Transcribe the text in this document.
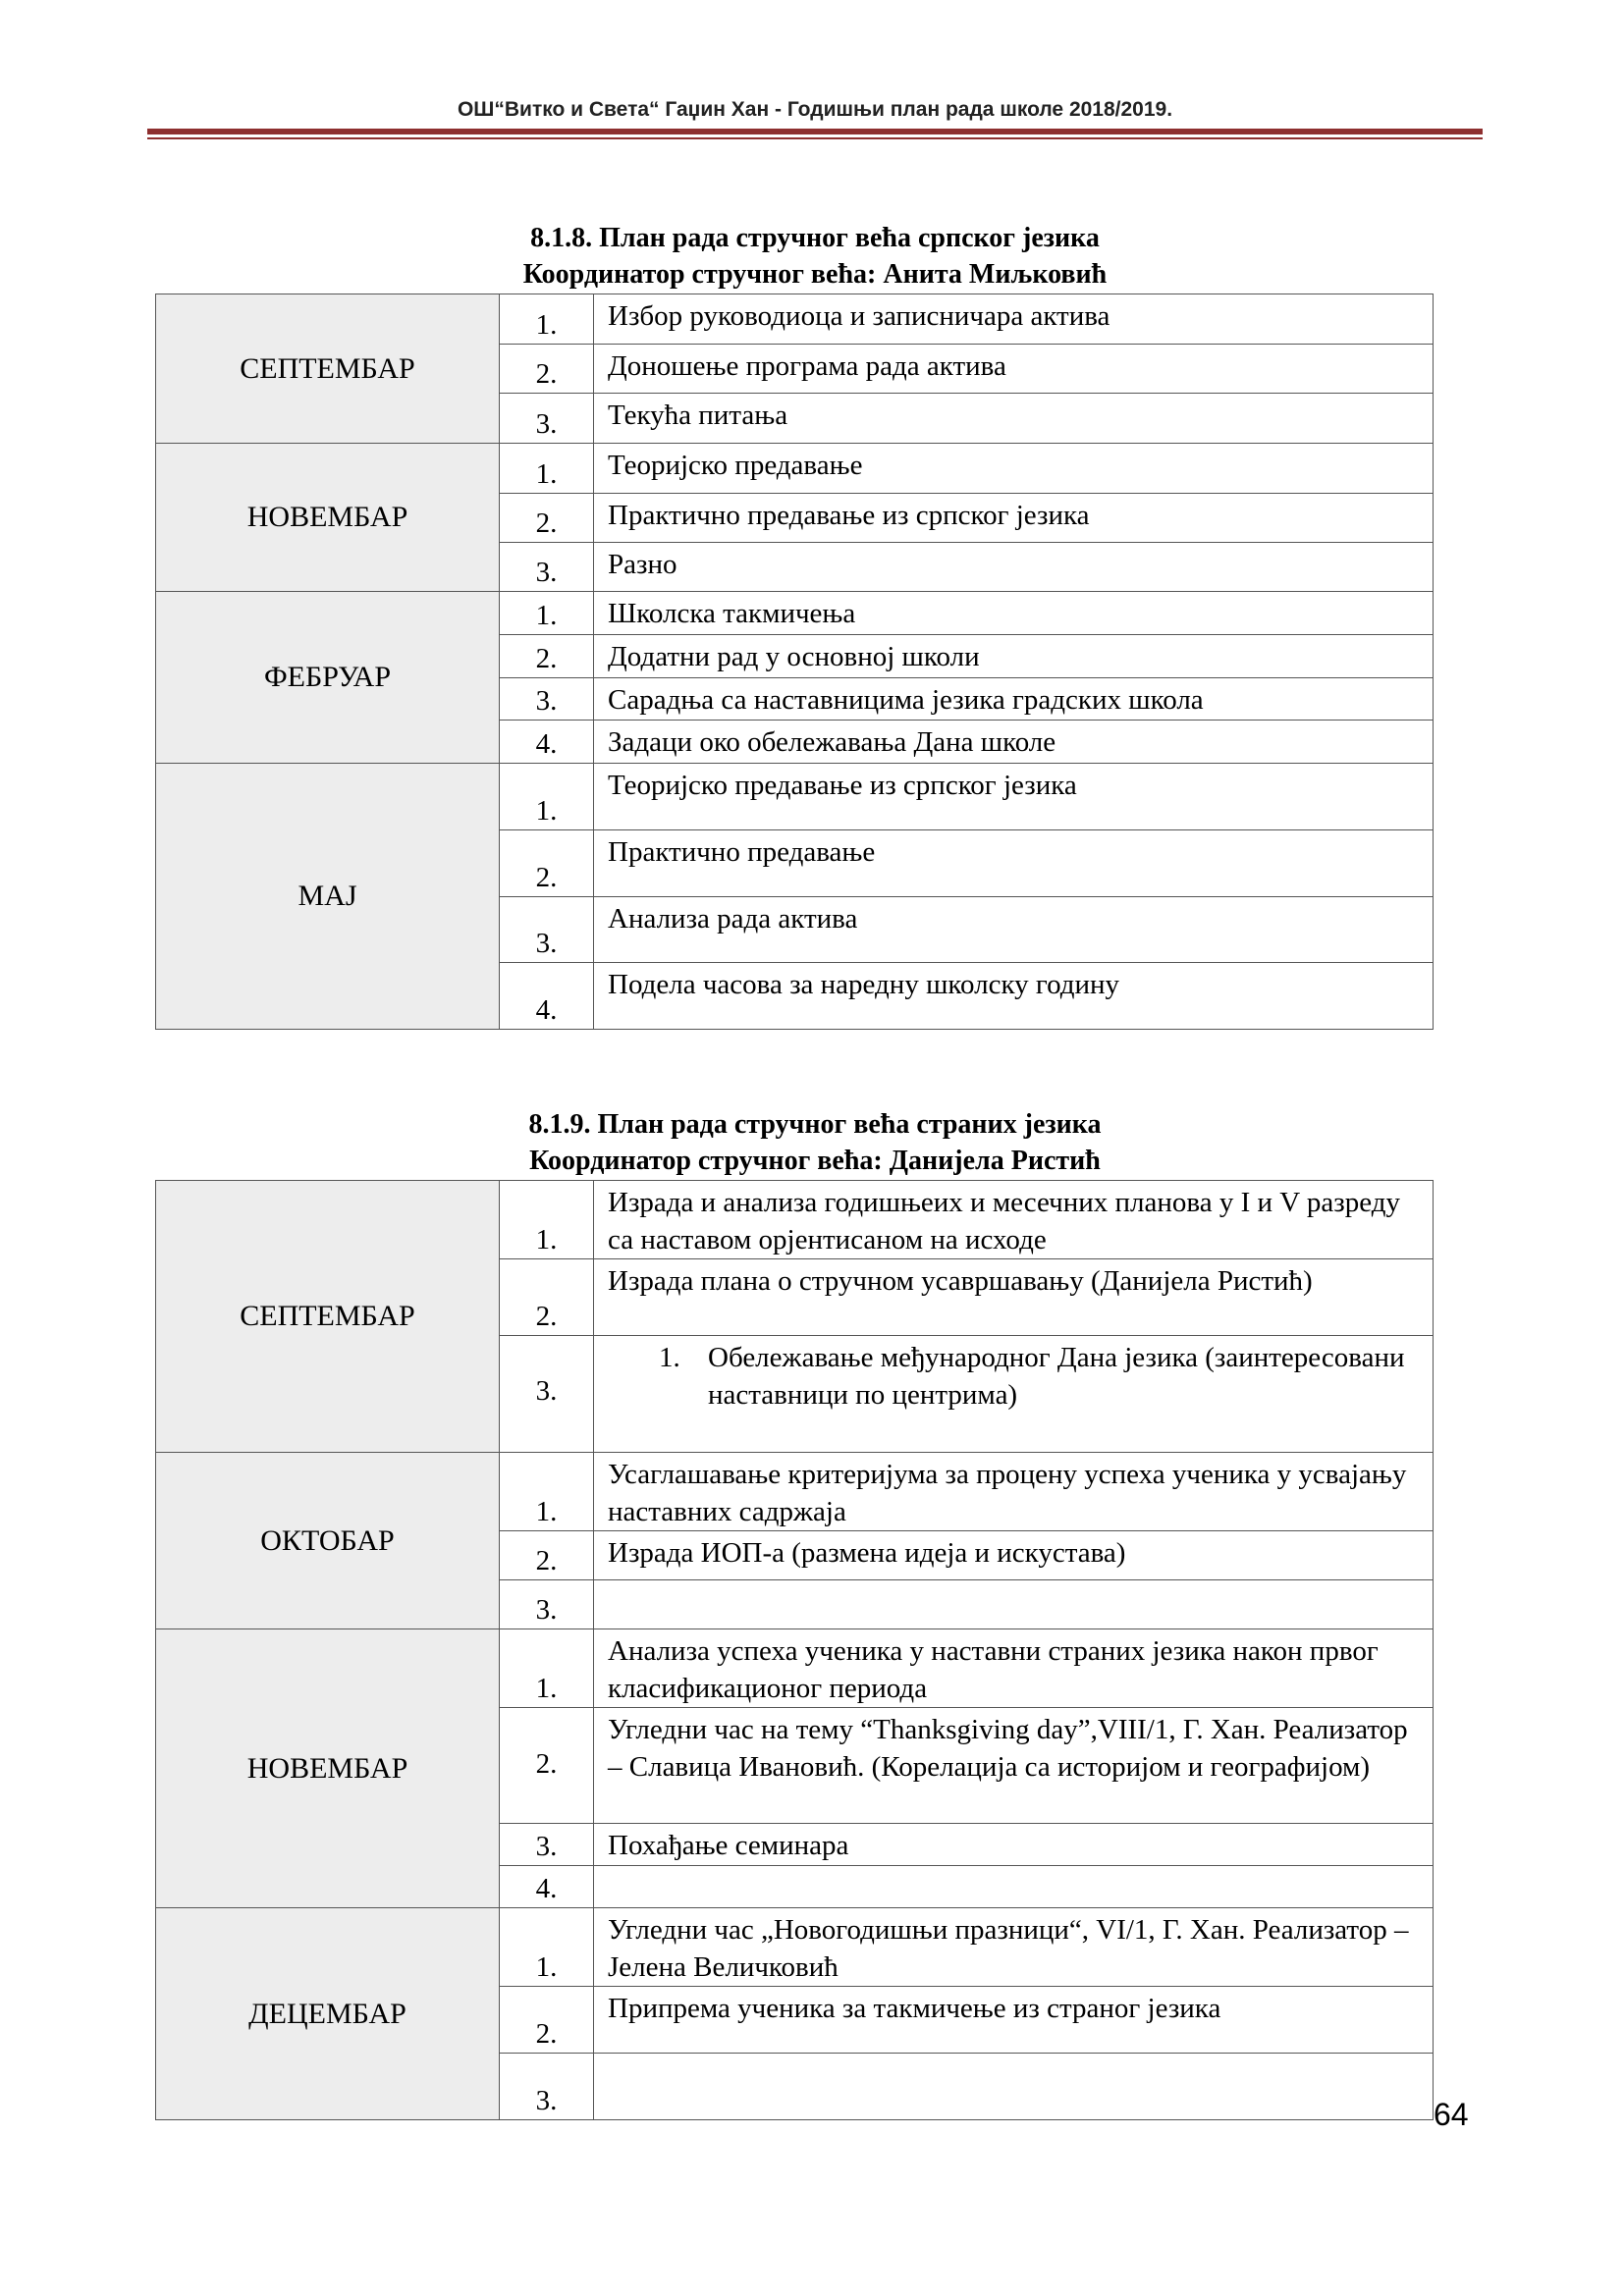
ОШ“Витко и Света“ Гаџин Хан - Годишњи план рада школе 2018/2019.
8.1.8. План рада стручног већа српског језика
Координатор стручног већа: Анита Миљковић
СЕПТЕМБАР	1.	Избор руководиоца и записничара актива

	2.	Доношење програма рада актива

	3.	Текућа питања
НОВЕМБАР	1.	Теоријско предавање

	2.	Практично предавање из српског језика

	3.	Разно
ФЕБРУАР	1.	Школска такмичења

	2.	Додатни рад у основној школи

	3.	Сарадња са наставницима језика градских школа

	4.	Задаци око обележавања Дана школе
МАЈ	1.	Теоријско предавање из српског језика

	2.	Практично предавање

	3.	Анализа рада актива

	4.	Подела часова за наредну школску годину
8.1.9. План рада стручног већа страних језика
Координатор стручног већа: Данијела Ристић
СЕПТЕМБАР	1.	Израда и анализа годишњеих и месечних планова у I и V разреду са наставом орјентисаном на исходе

	2.	Израда плана о стручном усавршавању (Данијела Ристић)

	3.	1. Обележавање међународног Дана језика (заинтересовани наставници по центрима)

ОКТОБАР	1.	Усаглашавање критеријума за процену успеха ученика у усвајању наставних садржаја

	2.	Израда ИОП-а (размена идеја и искустава)

	3.	

НОВЕМБАР	1.	Анализа успеха ученика у наставни страних језика након првог класификационог периода

	2.	Угледни час на тему “Thanksgiving day”,VIII/1, Г. Хан. Реализатор – Славица Ивановић. (Корелација са историјом и географијом)

	3.	Похађање семинара

	4.	

ДЕЦЕМБАР	1.	Угледни час „Новогодишњи празници“, VI/1, Г. Хан. Реализатор – Јелена Величковић

	2.	Припрема ученика за такмичење из страног језика

	3.	
		64
